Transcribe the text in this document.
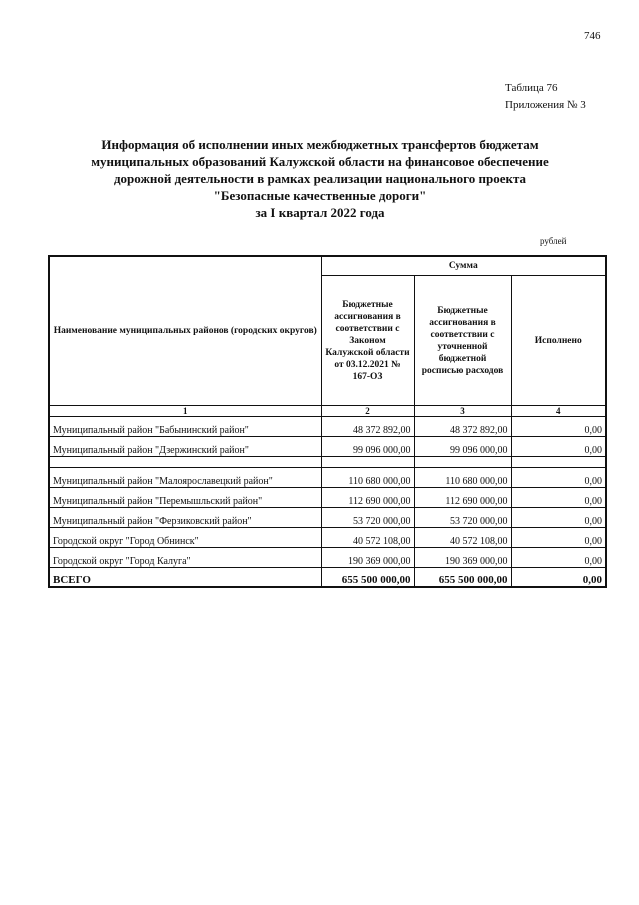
746
Таблица 76
Приложения № 3
Информация об исполнении иных межбюджетных трансфертов бюджетам
муниципальных образований Калужской области на финансовое обеспечение
дорожной деятельности в рамках реализации национального проекта
"Безопасные качественные дороги"
за I квартал 2022 года
рублей
Наименование муниципальных районов (городских округов)	Сумма		
	Бюджетные ассигнования в соответствии с Законом Калужской области от 03.12.2021 № 167-ОЗ	Бюджетные ассигнования в соответствии с уточненной бюджетной росписью расходов	Исполнено
1	2	3	4
Муниципальный район "Бабынинский район"	48 372 892,00	48 372 892,00	0,00
Муниципальный район "Дзержинский район"	99 096 000,00	99 096 000,00	0,00

Муниципальный район "Малоярославецкий район"	110 680 000,00	110 680 000,00	0,00
Муниципальный район "Перемышльский район"	112 690 000,00	112 690 000,00	0,00
Муниципальный район "Ферзиковский район"	53 720 000,00	53 720 000,00	0,00
Городской округ "Город Обнинск"	40 572 108,00	40 572 108,00	0,00
Городской округ "Город Калуга"	190 369 000,00	190 369 000,00	0,00
ВСЕГО	655 500 000,00	655 500 000,00	0,00
